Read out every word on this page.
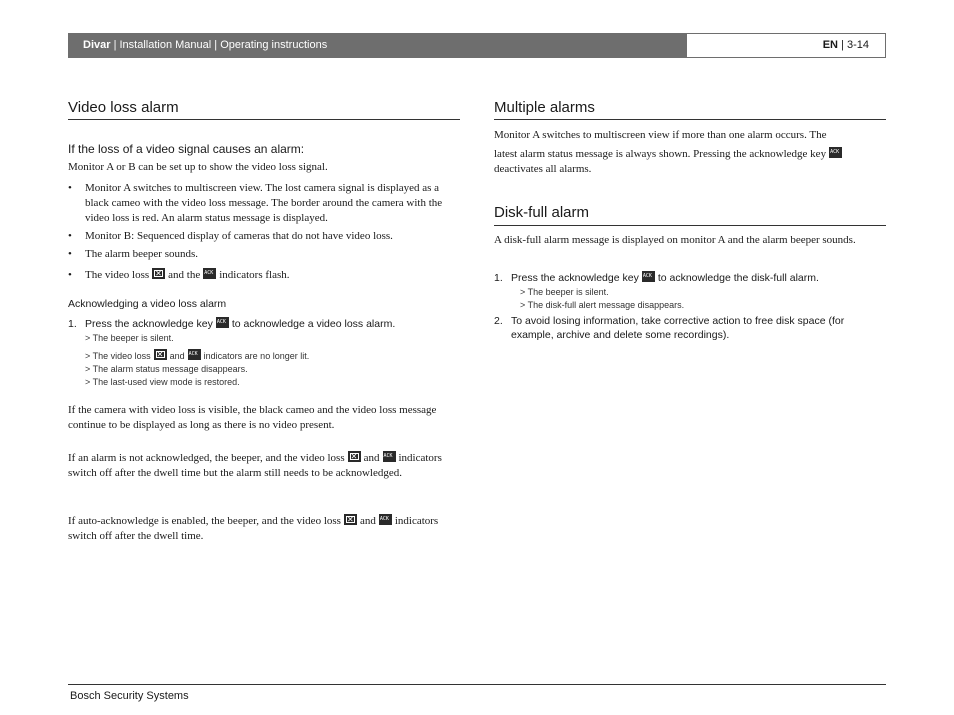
Divar | Installation Manual | Operating instructions	EN | 3-14
Video loss alarm
If the loss of a video signal causes an alarm:
Monitor A or B can be set up to show the video loss signal.
• Monitor A switches to multiscreen view. The lost camera signal is displayed as a black cameo with the video loss message. The border around the camera with the video loss is red. An alarm status message is displayed.
• Monitor B: Sequenced display of cameras that do not have video loss.
• The alarm beeper sounds.
• The video loss ✕ and the ACK indicators flash.
Acknowledging a video loss alarm
1. Press the acknowledge key ACK to acknowledge a video loss alarm.
> The beeper is silent.
> The video loss ✕ and ACK indicators are no longer lit.
> The alarm status message disappears.
> The last-used view mode is restored.
If the camera with video loss is visible, the black cameo and the video loss message continue to be displayed as long as there is no video present.
If an alarm is not acknowledged, the beeper, and the video loss ✕ andACK indicators switch off after the dwell time but the alarm still needs to be acknowledged.
If auto-acknowledge is enabled, the beeper, and the video loss ✕ andACK indicators switch off after the dwell time.
Multiple alarms
Monitor A switches to multiscreen view if more than one alarm occurs. The
latest alarm status message is always shown. Pressing the acknowledge keyACK
deactivates all alarms.
Disk-full alarm
A disk-full alarm message is displayed on monitor A and the alarm beeper sounds.
1. Press the acknowledge key ACK to acknowledge the disk-full alarm.
> The beeper is silent.
> The disk-full alert message disappears.
2. To avoid losing information, take corrective action to free disk space (for example, archive and delete some recordings).
Bosch Security Systems
